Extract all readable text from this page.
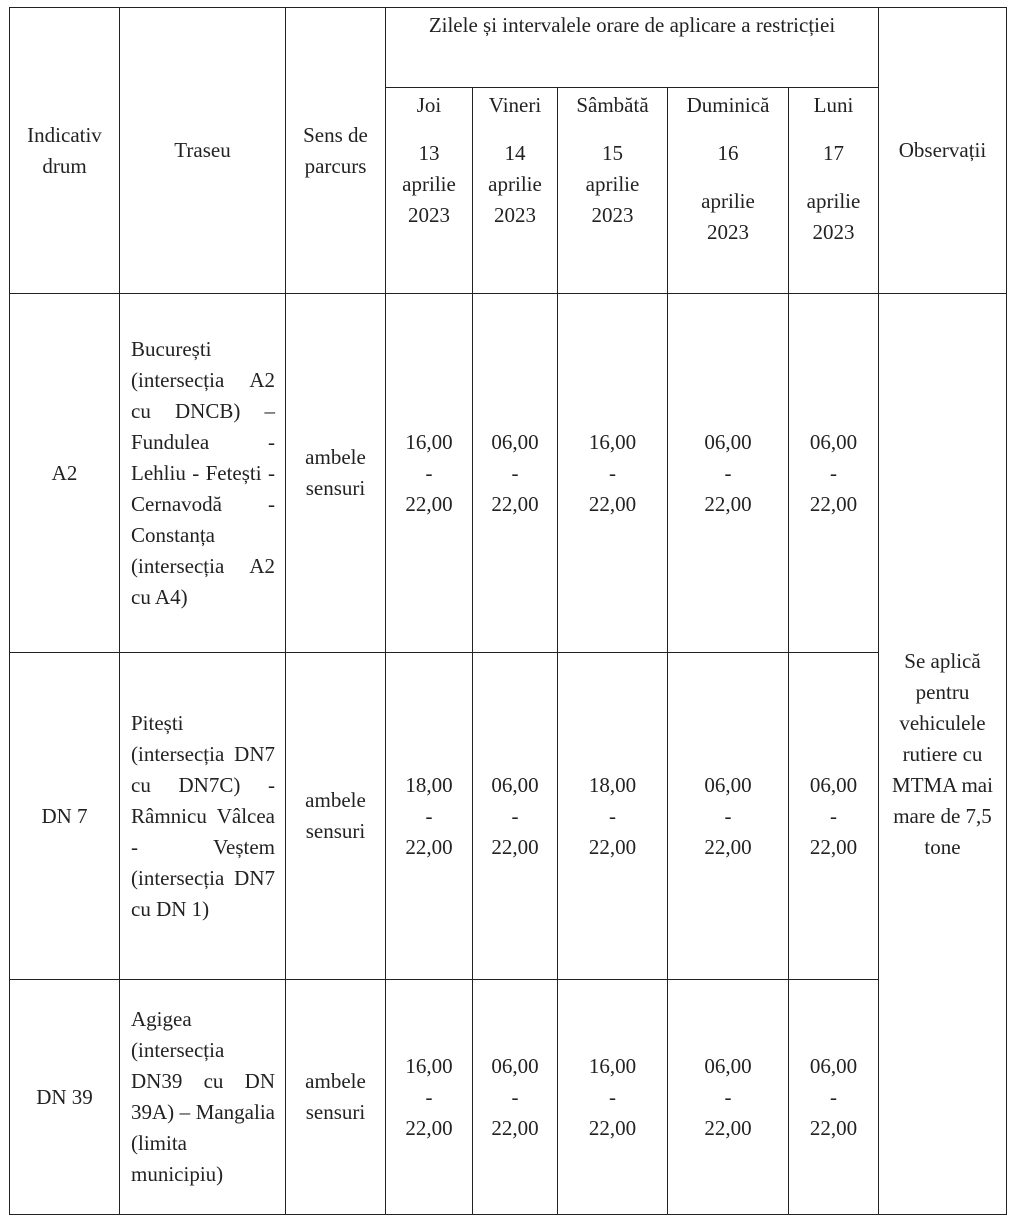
Indicativ drum	Traseu	Sens de parcurs	Zilele și intervalele orare de aplicare a restricției					Observații

			Joi
13
aprilie
2023	Vineri
14
aprilie
2023	Sâmbătă
15
aprilie
2023	Duminică
16
aprilie
2023	Luni
17
aprilie
2023	

A2	București (intersecția A2 cu DNCB) – Fundulea - Lehliu - Fetești - Cernavodă - Constanța (intersecția A2 cu A4)	ambele sensuri	16,00
-
22,00	06,00
-
22,00	16,00
-
22,00	06,00
-
22,00	06,00
-
22,00	Se aplică pentru vehiculele rutiere cu MTMA mai mare de 7,5 tone
DN 7	Pitești (intersecția DN7 cu DN7C) - Râmnicu Vâlcea - Veștem (intersecția DN7 cu DN 1)	ambele sensuri	18,00
-
22,00	06,00
-
22,00	18,00
-
22,00	06,00
-
22,00	06,00
-
22,00	

DN 39	Agigea (intersecția DN39 cu DN 39A) – Mangalia (limita municipiu)	ambele sensuri	16,00
-
22,00	06,00
-
22,00	16,00
-
22,00	06,00
-
22,00	06,00
-
22,00	
